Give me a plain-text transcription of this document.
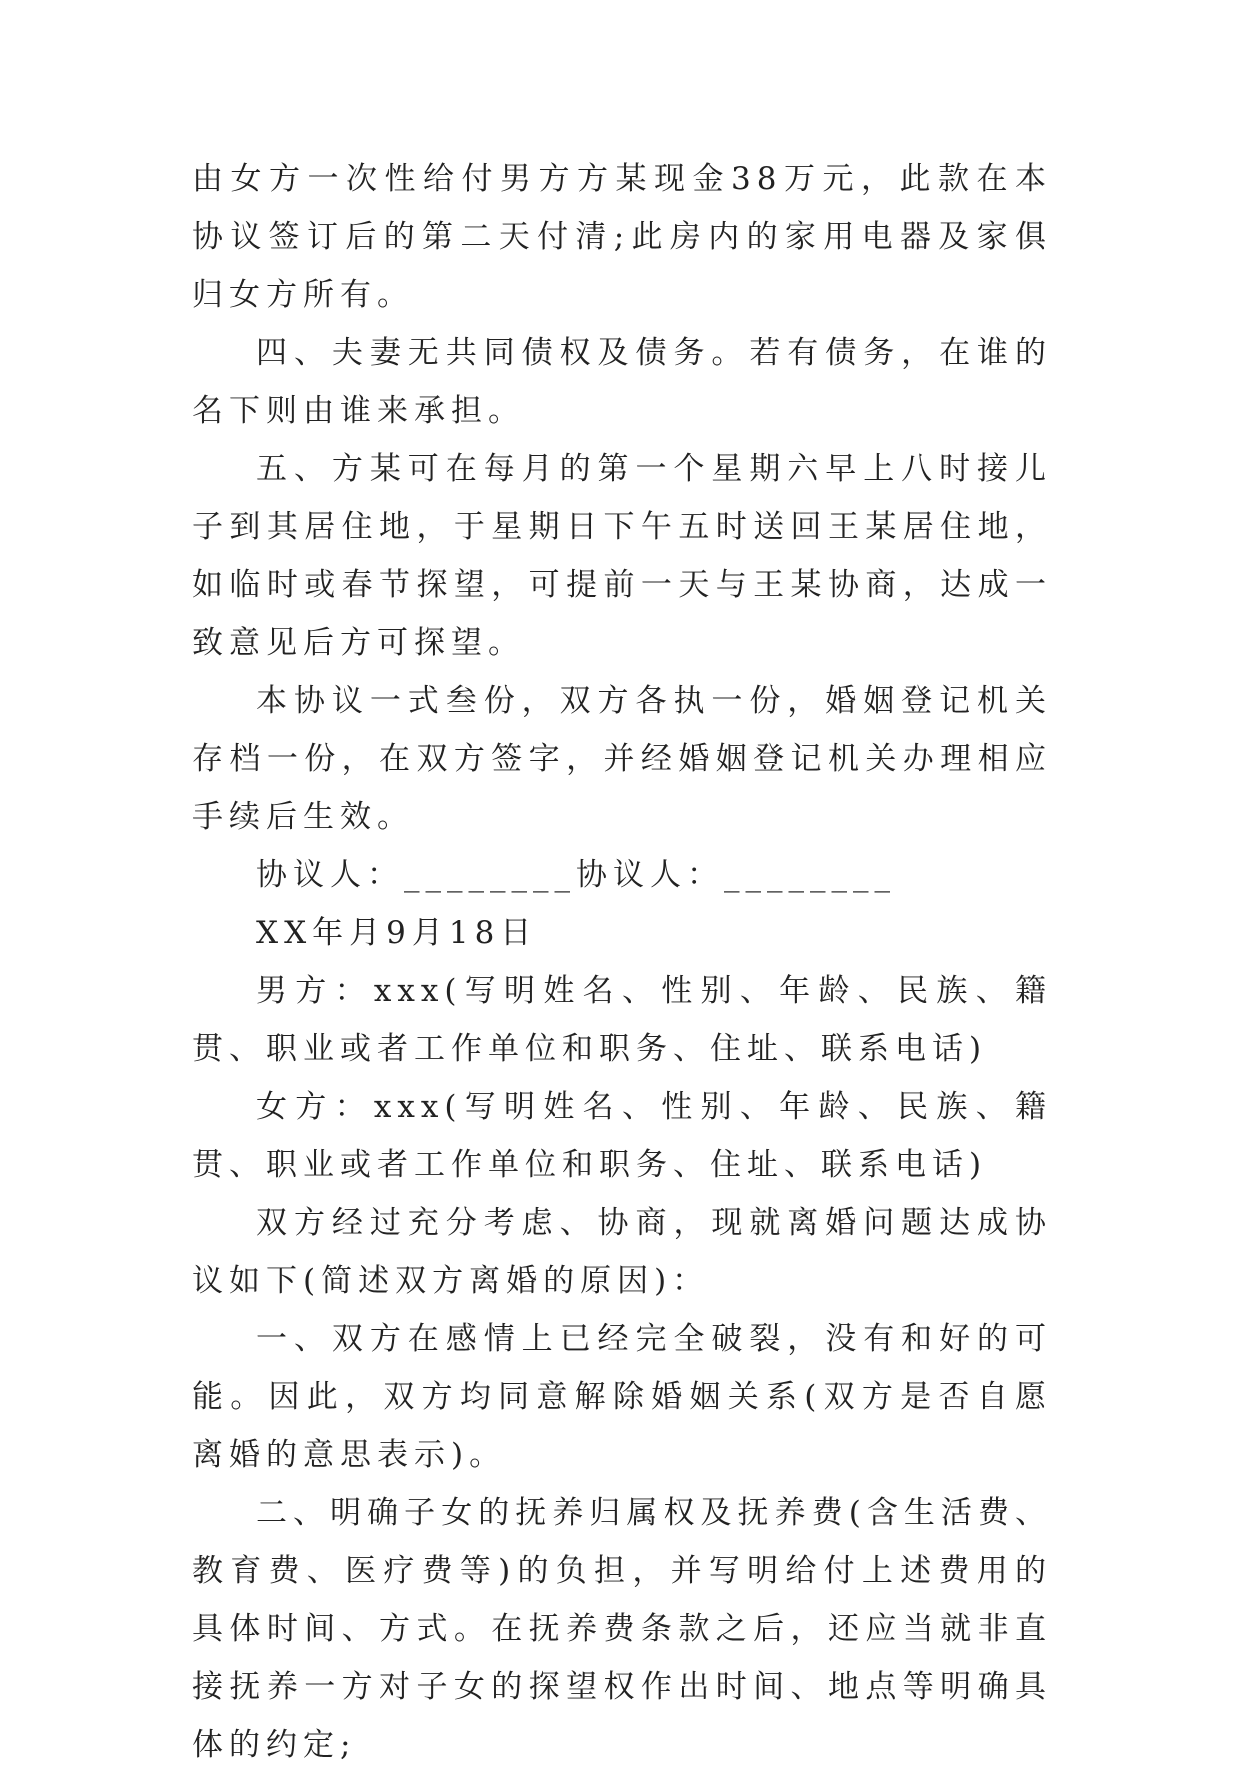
由女方一次性给付男方方某现金38万元，此款在本协议签订后的第二天付清;此房内的家用电器及家俱归女方所有。

四、夫妻无共同债权及债务。若有债务，在谁的名下则由谁来承担。

五、方某可在每月的第一个星期六早上八时接儿子到其居住地，于星期日下午五时送回王某居住地，如临时或春节探望，可提前一天与王某协商，达成一致意见后方可探望。

本协议一式叁份，双方各执一份，婚姻登记机关存档一份，在双方签字，并经婚姻登记机关办理相应手续后生效。

协议人：________协议人：________

XX年月9月18日

男方：xxx(写明姓名、性别、年龄、民族、籍贯、职业或者工作单位和职务、住址、联系电话)

女方：xxx(写明姓名、性别、年龄、民族、籍贯、职业或者工作单位和职务、住址、联系电话)

双方经过充分考虑、协商，现就离婚问题达成协议如下(简述双方离婚的原因)：

一、双方在感情上已经完全破裂，没有和好的可能。因此，双方均同意解除婚姻关系(双方是否自愿离婚的意思表示)。

二、明确子女的抚养归属权及抚养费(含生活费、教育费、医疗费等)的负担，并写明给付上述费用的具体时间、方式。在抚养费条款之后，还应当就非直接抚养一方对子女的探望权作出时间、地点等明确具体的约定;
